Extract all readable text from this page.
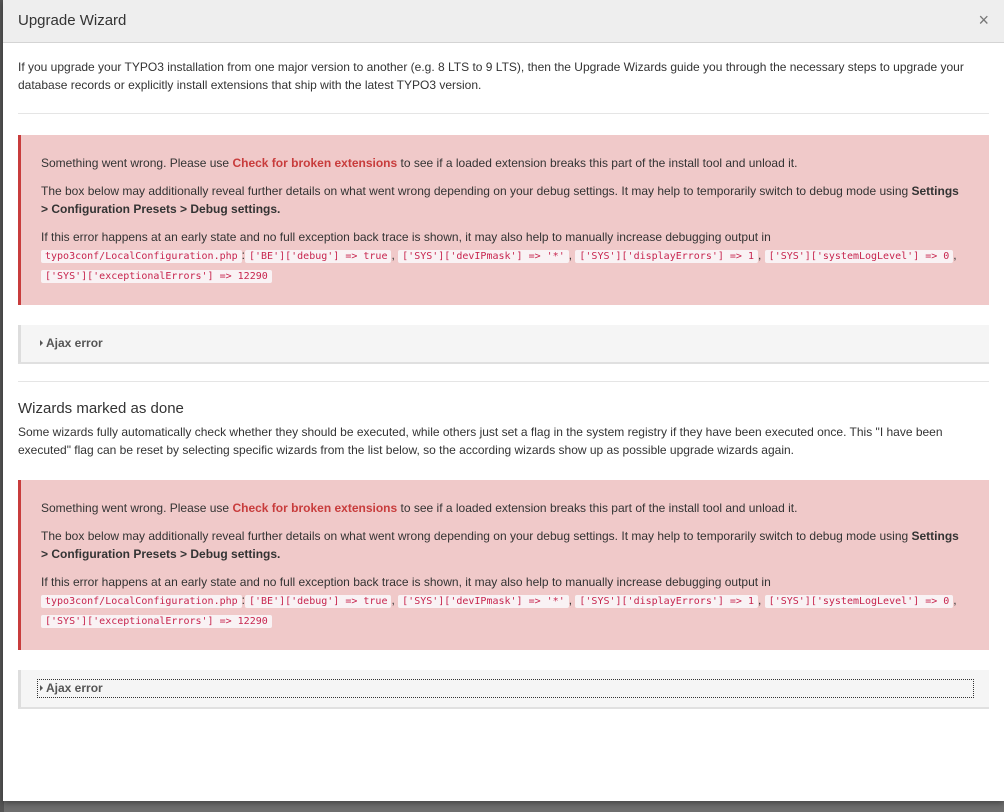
Upgrade Wizard	×

If you upgrade your TYPO3 installation from one major version to another (e.g. 8 LTS to 9 LTS), then the Upgrade Wizards guide you through the necessary steps to upgrade your database records or explicitly install extensions that ship with the latest TYPO3 version.

Something went wrong. Please use Check for broken extensions to see if a loaded extension breaks this part of the install tool and unload it.

The box below may additionally reveal further details on what went wrong depending on your debug settings. It may help to temporarily switch to debug mode using Settings > Configuration Presets > Debug settings.

If this error happens at an early state and no full exception back trace is shown, it may also help to manually increase debugging output in typo3conf/LocalConfiguration.php : ['BE']['debug'] => true , ['SYS']['devIPmask'] => '*' , ['SYS']['displayErrors'] => 1 , ['SYS']['systemLogLevel'] => 0 , ['SYS']['exceptionalErrors'] => 12290

Ajax error
Wizards marked as done

Some wizards fully automatically check whether they should be executed, while others just set a flag in the system registry if they have been executed once. This "I have been executed" flag can be reset by selecting specific wizards from the list below, so the according wizards show up as possible upgrade wizards again.

Something went wrong. Please use Check for broken extensions to see if a loaded extension breaks this part of the install tool and unload it.

The box below may additionally reveal further details on what went wrong depending on your debug settings. It may help to temporarily switch to debug mode using Settings > Configuration Presets > Debug settings.

If this error happens at an early state and no full exception back trace is shown, it may also help to manually increase debugging output in typo3conf/LocalConfiguration.php : ['BE']['debug'] => true , ['SYS']['devIPmask'] => '*' , ['SYS']['displayErrors'] => 1 , ['SYS']['systemLogLevel'] => 0 , ['SYS']['exceptionalErrors'] => 12290

Ajax error
